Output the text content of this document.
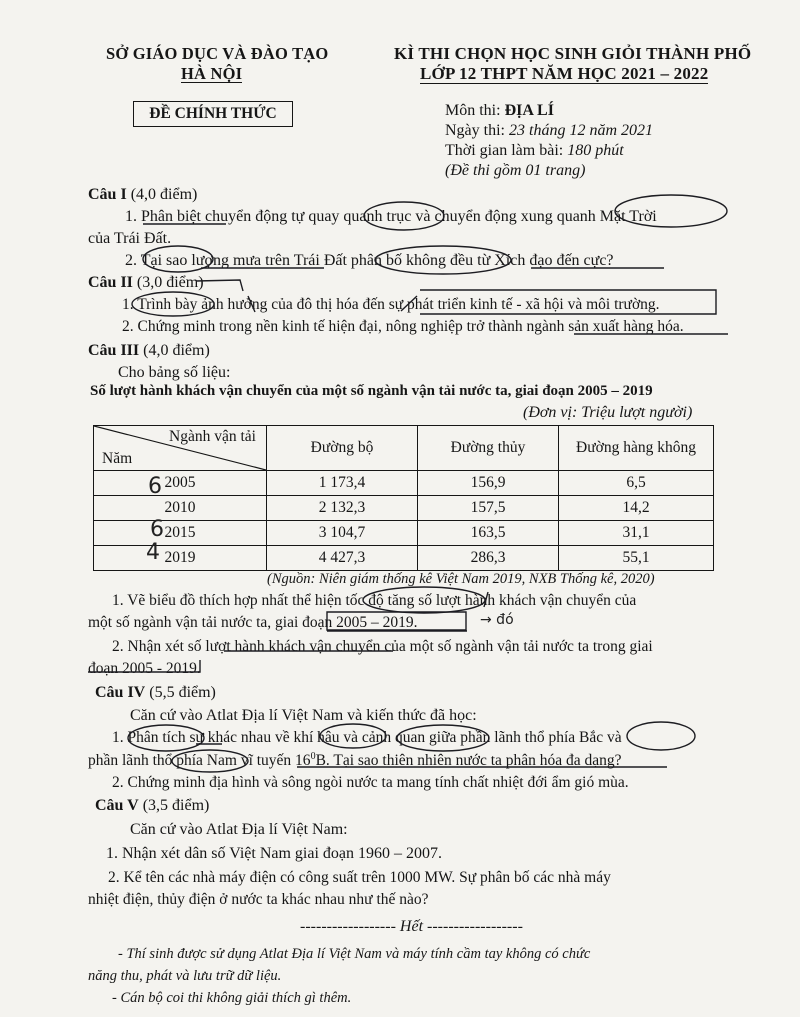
SỞ GIÁO DỤC VÀ ĐÀO TẠO
HÀ NỘI
ĐỀ CHÍNH THỨC
KÌ THI CHỌN HỌC SINH GIỎI THÀNH PHỐ
LỚP 12 THPT NĂM HỌC 2021 – 2022
Môn thi: ĐỊA LÍ
Ngày thi: 23 tháng 12 năm 2021
Thời gian làm bài: 180 phút
(Đề thi gồm 01 trang)
Câu I (4,0 điểm)
1. Phân biệt chuyển động tự quay quanh trục và chuyển động xung quanh Mặt Trời
của Trái Đất.
2. Tại sao lượng mưa trên Trái Đất phân bố không đều từ Xích đạo đến cực?
Câu II (3,0 điểm)
1. Trình bày ảnh hưởng của đô thị hóa đến sự phát triển kinh tế - xã hội và môi trường.
2. Chứng minh trong nền kinh tế hiện đại, nông nghiệp trở thành ngành sản xuất hàng hóa.
Câu III (4,0 điểm)
Cho bảng số liệu:
Số lượt hành khách vận chuyển của một số ngành vận tải nước ta, giai đoạn 2005 – 2019
(Đơn vị: Triệu lượt người)
Ngành vận tải
Năm	Đường bộ	Đường thủy	Đường hàng không
2005	1 173,4	156,9	6,5
2010	2 132,3	157,5	14,2
2015	3 104,7	163,5	31,1
2019	4 427,3	286,3	55,1
(Nguồn: Niên giám thống kê Việt Nam 2019, NXB Thống kê, 2020)
1. Vẽ biểu đồ thích hợp nhất thể hiện tốc độ tăng số lượt hành khách vận chuyển của
một số ngành vận tải nước ta, giai đoạn 2005 – 2019.
2. Nhận xét số lượt hành khách vận chuyển của một số ngành vận tải nước ta trong giai
đoạn 2005 - 2019.
Câu IV (5,5 điểm)
Căn cứ vào Atlat Địa lí Việt Nam và kiến thức đã học:
1. Phân tích sự khác nhau về khí hậu và cảnh quan giữa phần lãnh thổ phía Bắc và
phần lãnh thổ phía Nam vĩ tuyến $16^0B$. Tại sao thiên nhiên nước ta phân hóa đa dạng?
2. Chứng minh địa hình và sông ngòi nước ta mang tính chất nhiệt đới ẩm gió mùa.
Câu V (3,5 điểm)
Căn cứ vào Atlat Địa lí Việt Nam:
1. Nhận xét dân số Việt Nam giai đoạn 1960 – 2007.
2. Kể tên các nhà máy điện có công suất trên 1000 MW. Sự phân bố các nhà máy
nhiệt điện, thủy điện ở nước ta khác nhau như thế nào?
------------------ Hết ------------------
- Thí sinh được sử dụng Atlat Địa lí Việt Nam và máy tính cầm tay không có chức
năng thu, phát và lưu trữ dữ liệu.
- Cán bộ coi thi không giải thích gì thêm.
6
6
4
→ đó
